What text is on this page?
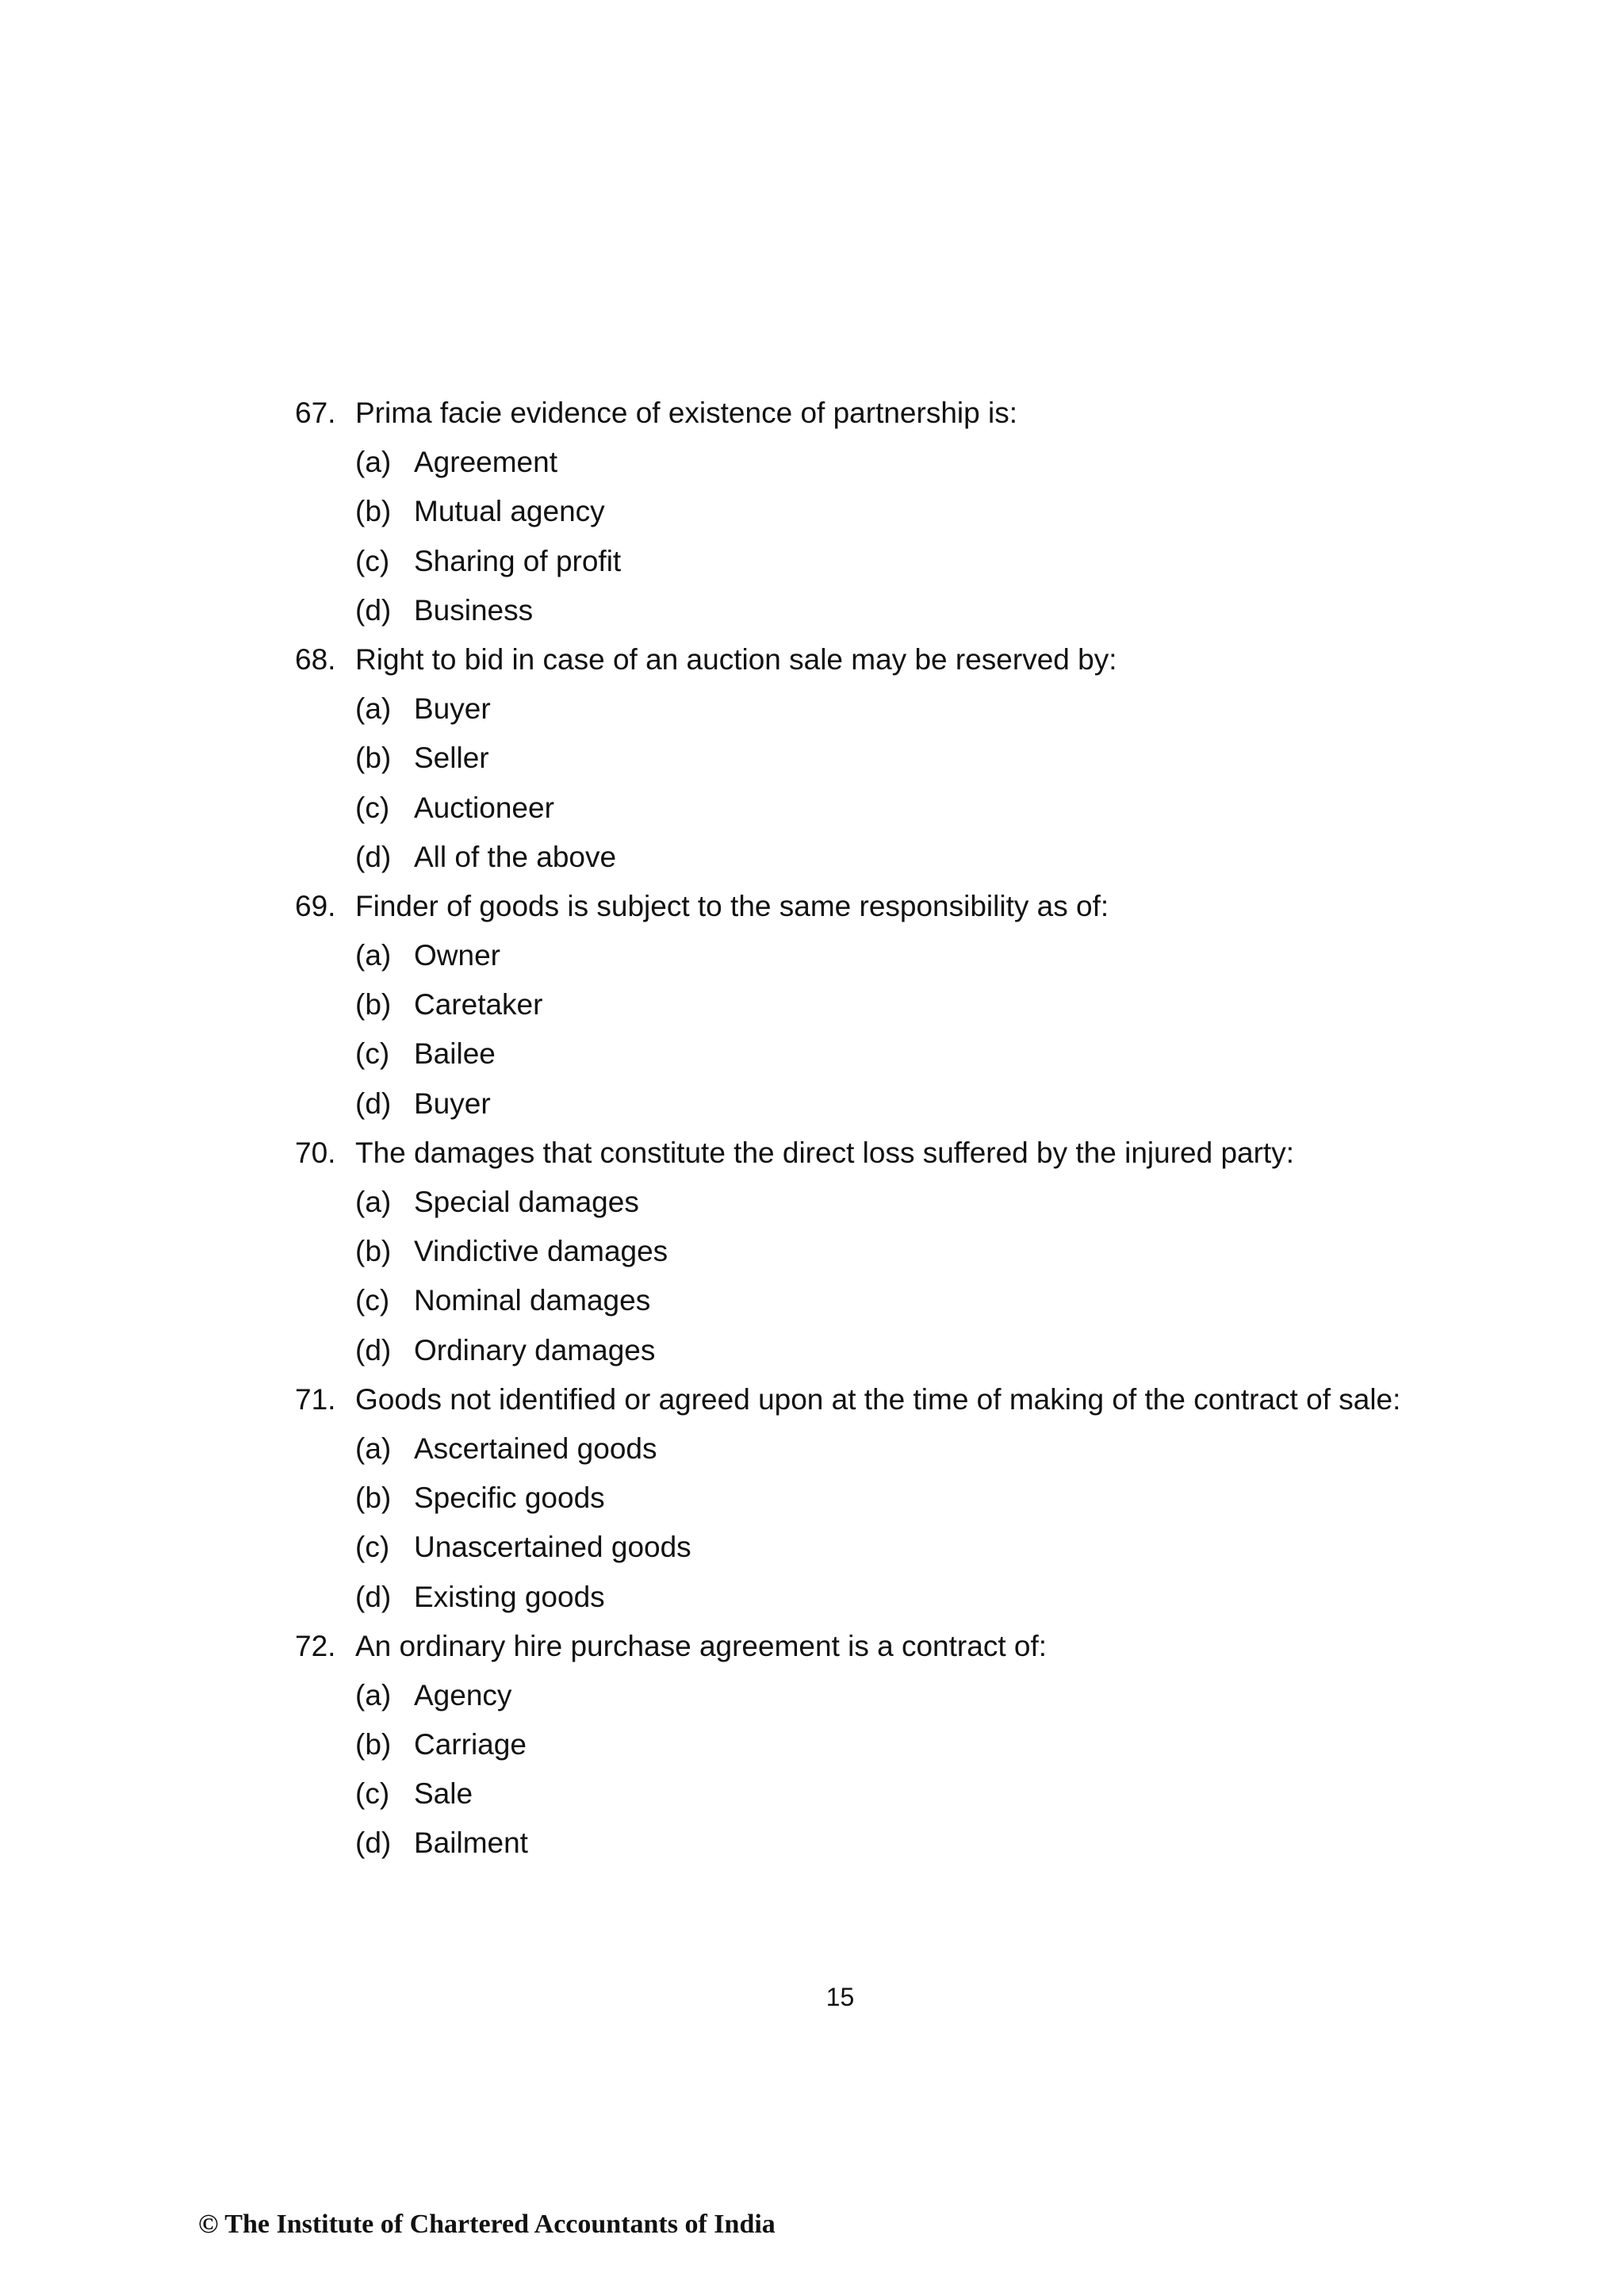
67. Prima facie evidence of existence of partnership is:
(a) Agreement
(b) Mutual agency
(c) Sharing of profit
(d) Business
68. Right to bid in case of an auction sale may be reserved by:
(a) Buyer
(b) Seller
(c) Auctioneer
(d) All of the above
69. Finder of goods is subject to the same responsibility as of:
(a) Owner
(b) Caretaker
(c) Bailee
(d) Buyer
70. The damages that constitute the direct loss suffered by the injured party:
(a) Special damages
(b) Vindictive damages
(c) Nominal damages
(d) Ordinary damages
71. Goods not identified or agreed upon at the time of making of the contract of sale:
(a) Ascertained goods
(b) Specific goods
(c) Unascertained goods
(d) Existing goods
72. An ordinary hire purchase agreement is a contract of:
(a) Agency
(b) Carriage
(c) Sale
(d) Bailment
15
© The Institute of Chartered Accountants of India
